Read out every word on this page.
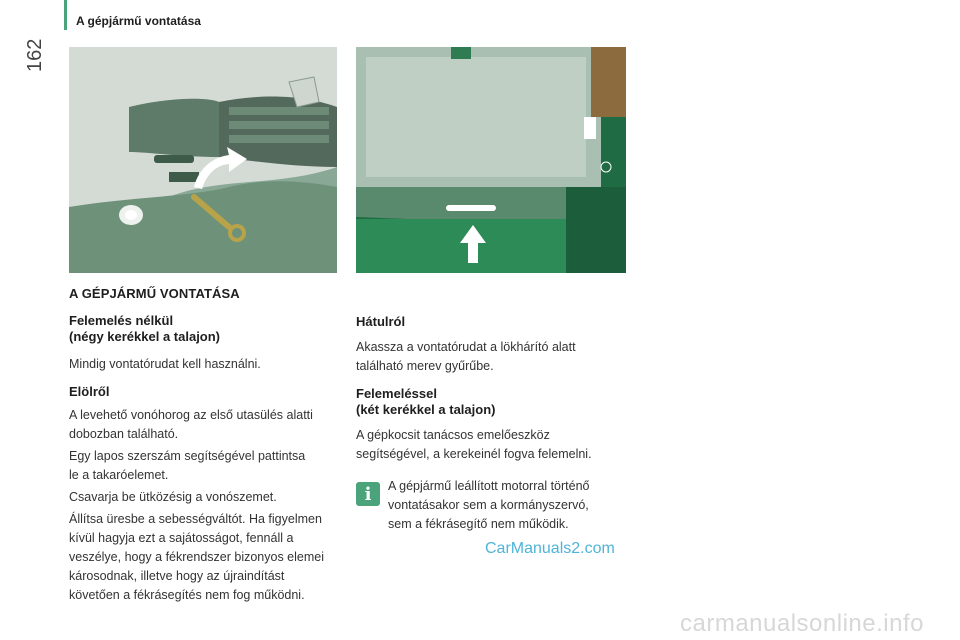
A gépjármű vontatása
162
A GÉPJÁRMŰ VONTATÁSA
Felemelés nélkül
(négy kerékkel a talajon)
Mindig vontatórudat kell használni.
Elölről
A levehető vonóhorog az első utasülés alatti
dobozban található.
Egy lapos szerszám segítségével pattintsa
le a takaróelemet.
Csavarja be ütközésig a vonószemet.
Állítsa üresbe a sebességváltót. Ha figyelmen
kívül hagyja ezt a sajátosságot, fennáll a
veszélye, hogy a fékrendszer bizonyos elemei
károsodnak, illetve hogy az újraindítást
követően a fékrásegítés nem fog működni.
Hátulról
Akassza a vontatórudat a lökhárító alatt
található merev gyűrűbe.
Felemeléssel
(két kerékkel a talajon)
A gépkocsit tanácsos emelőeszköz
segítségével, a kerekeinél fogva felemelni.
i	A gépjármű leállított motorral történő
vontatásakor sem a kormányszervó,
sem a fékrásegítő nem működik.
CarManuals2.com
carmanualsonline.info
